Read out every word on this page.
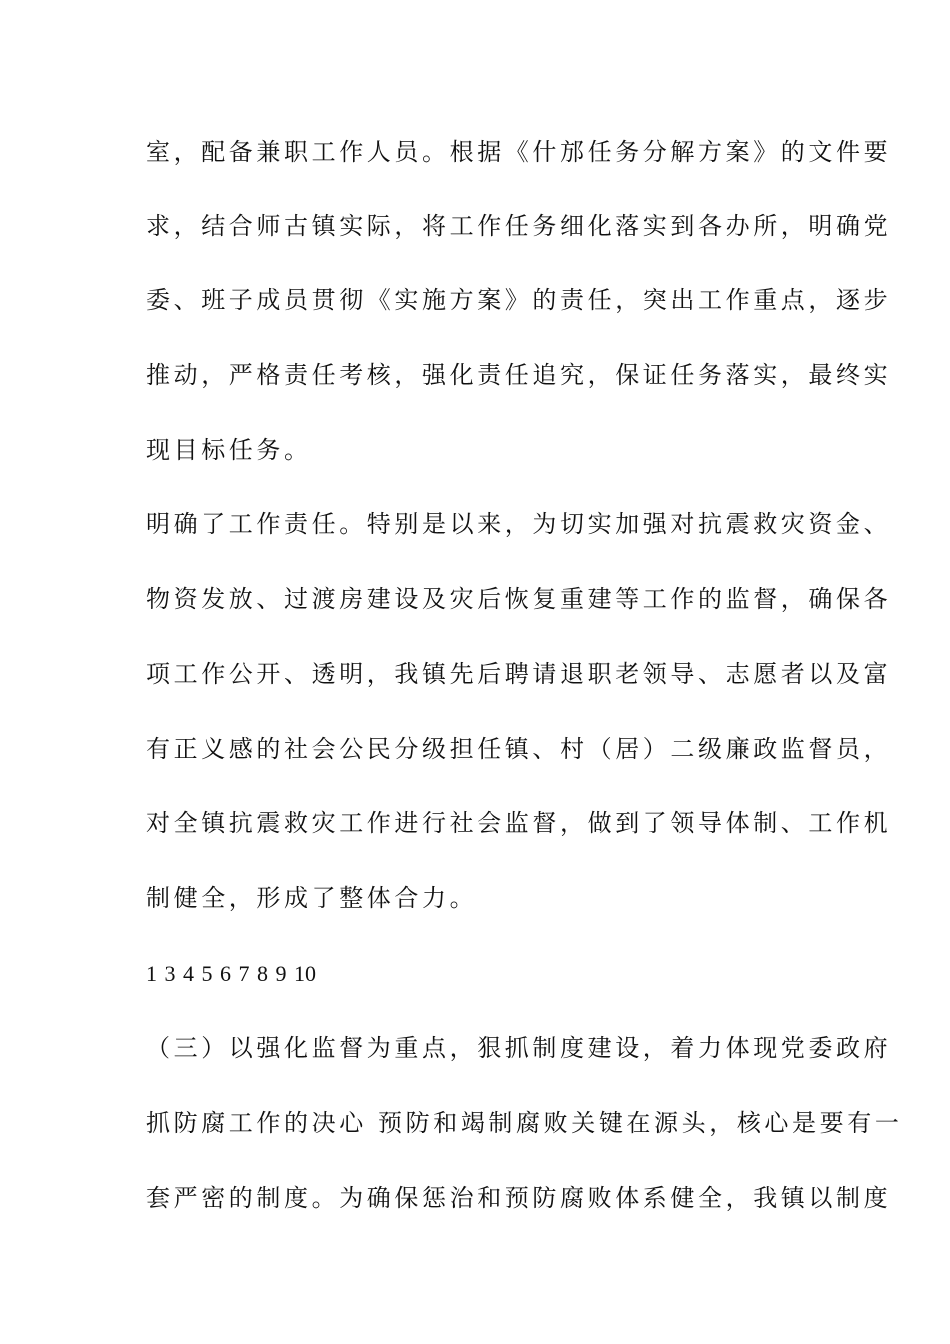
室，配备兼职工作人员。根据《什邡任务分解方案》的文件要
求，结合师古镇实际，将工作任务细化落实到各办所，明确党
委、班子成员贯彻《实施方案》的责任，突出工作重点，逐步
推动，严格责任考核，强化责任追究，保证任务落实，最终实
现目标任务。
明确了工作责任。特别是以来，为切实加强对抗震救灾资金、
物资发放、过渡房建设及灾后恢复重建等工作的监督，确保各
项工作公开、透明，我镇先后聘请退职老领导、志愿者以及富
有正义感的社会公民分级担任镇、村（居）二级廉政监督员，
对全镇抗震救灾工作进行社会监督，做到了领导体制、工作机
制健全，形成了整体合力。
1 3 4 5 6 7 8 9 10
（三）以强化监督为重点，狠抓制度建设，着力体现党委政府
抓防腐工作的决心 预防和竭制腐败关键在源头，核心是要有一
套严密的制度。为确保惩治和预防腐败体系健全，我镇以制度
